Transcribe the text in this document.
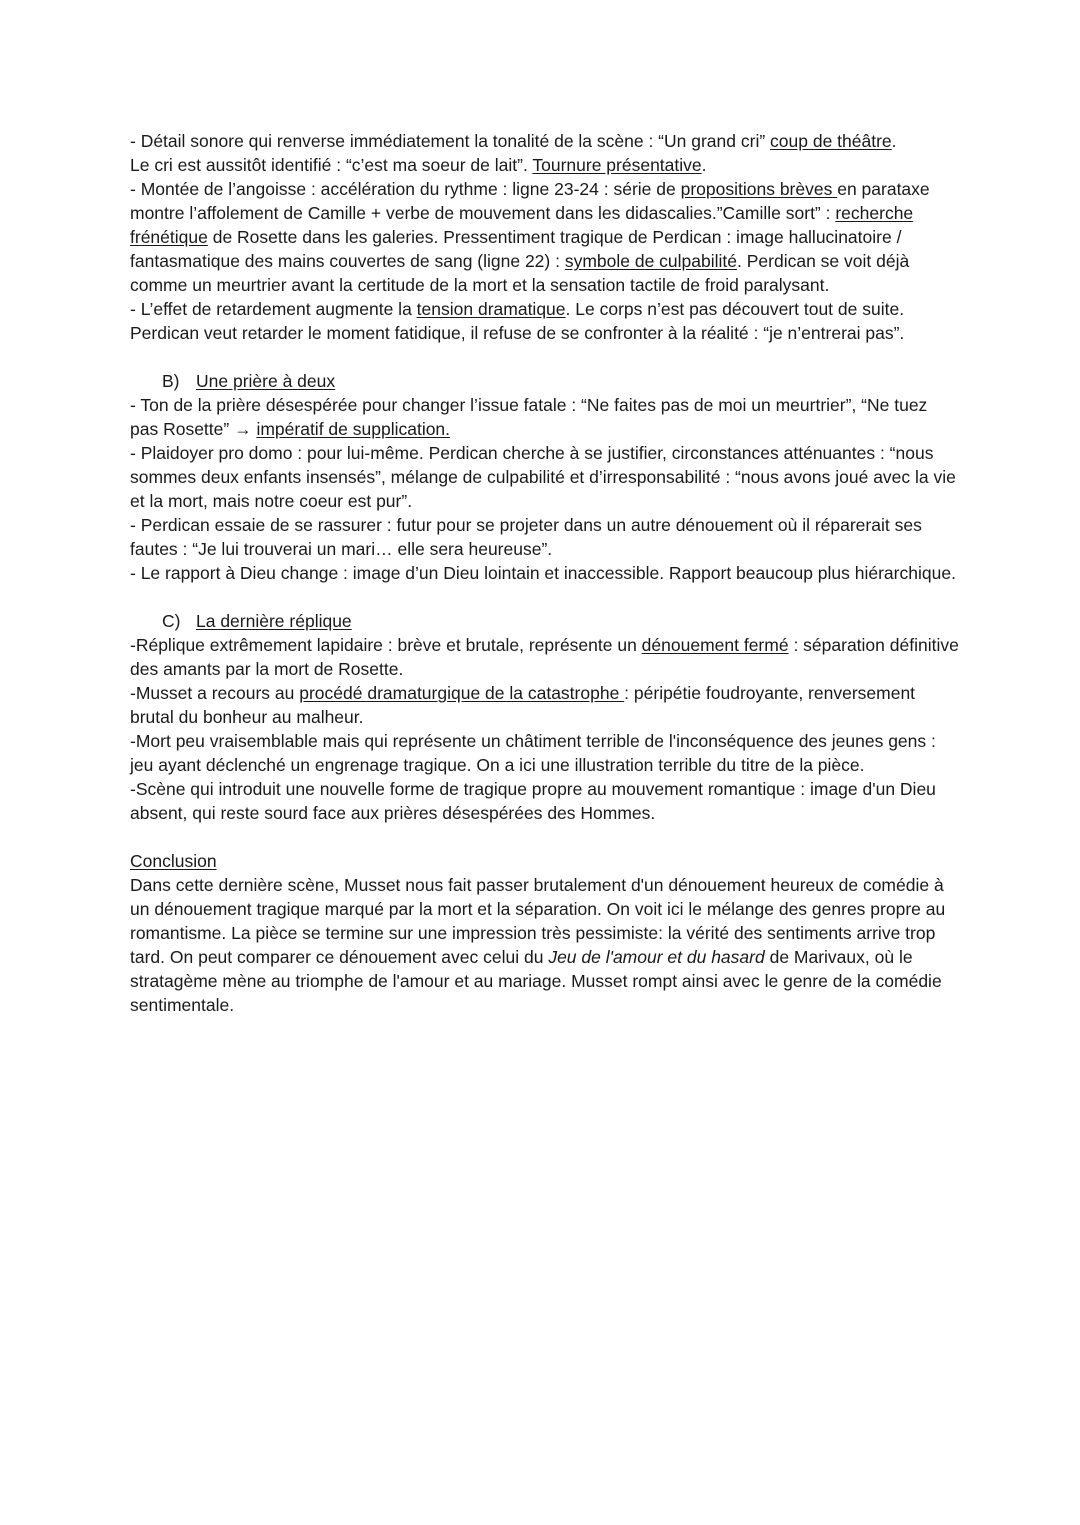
- Détail sonore qui renverse immédiatement la tonalité de la scène : “Un grand cri” coup de théâtre.
Le cri est aussitôt identifié : “c’est ma soeur de lait”. Tournure présentative.

- Montée de l’angoisse : accélération du rythme : ligne 23-24 : série de propositions brèves en parataxe montre l’affolement de Camille + verbe de mouvement dans les didascalies.”Camille sort” : recherche frénétique de Rosette dans les galeries. Pressentiment tragique de Perdican : image hallucinatoire / fantasmatique des mains couvertes de sang (ligne 22) : symbole de culpabilité. Perdican se voit déjà comme un meurtrier avant la certitude de la mort et la sensation tactile de froid paralysant.

- L’effet de retardement augmente la tension dramatique. Le corps n’est pas découvert tout de suite. Perdican veut retarder le moment fatidique, il refuse de se confronter à la réalité : “je n’entrerai pas”.

B) Une prière à deux

- Ton de la prière désespérée pour changer l’issue fatale : “Ne faites pas de moi un meurtrier”, “Ne tuez pas Rosette” → impératif de supplication.

- Plaidoyer pro domo : pour lui-même. Perdican cherche à se justifier, circonstances atténuantes : “nous sommes deux enfants insensés”, mélange de culpabilité et d’irresponsabilité : “nous avons joué avec la vie et la mort, mais notre coeur est pur”.

- Perdican essaie de se rassurer : futur pour se projeter dans un autre dénouement où il réparerait ses fautes : “Je lui trouverai un mari… elle sera heureuse”.

- Le rapport à Dieu change : image d’un Dieu lointain et inaccessible. Rapport beaucoup plus hiérarchique.

C) La dernière réplique

-Réplique extrêmement lapidaire : brève et brutale, représente un dénouement fermé : séparation définitive des amants par la mort de Rosette.

-Musset a recours au procédé dramaturgique de la catastrophe : péripétie foudroyante, renversement brutal du bonheur au malheur.

-Mort peu vraisemblable mais qui représente un châtiment terrible de l'inconséquence des jeunes gens : jeu ayant déclenché un engrenage tragique. On a ici une illustration terrible du titre de la pièce.

-Scène qui introduit une nouvelle forme de tragique propre au mouvement romantique : image d'un Dieu absent, qui reste sourd face aux prières désespérées des Hommes.

Conclusion

Dans cette dernière scène, Musset nous fait passer brutalement d'un dénouement heureux de comédie à un dénouement tragique marqué par la mort et la séparation. On voit ici le mélange des genres propre au romantisme. La pièce se termine sur une impression très pessimiste: la vérité des sentiments arrive trop tard. On peut comparer ce dénouement avec celui du Jeu de l'amour et du hasard de Marivaux, où le stratagème mène au triomphe de l'amour et au mariage. Musset rompt ainsi avec le genre de la comédie sentimentale.
